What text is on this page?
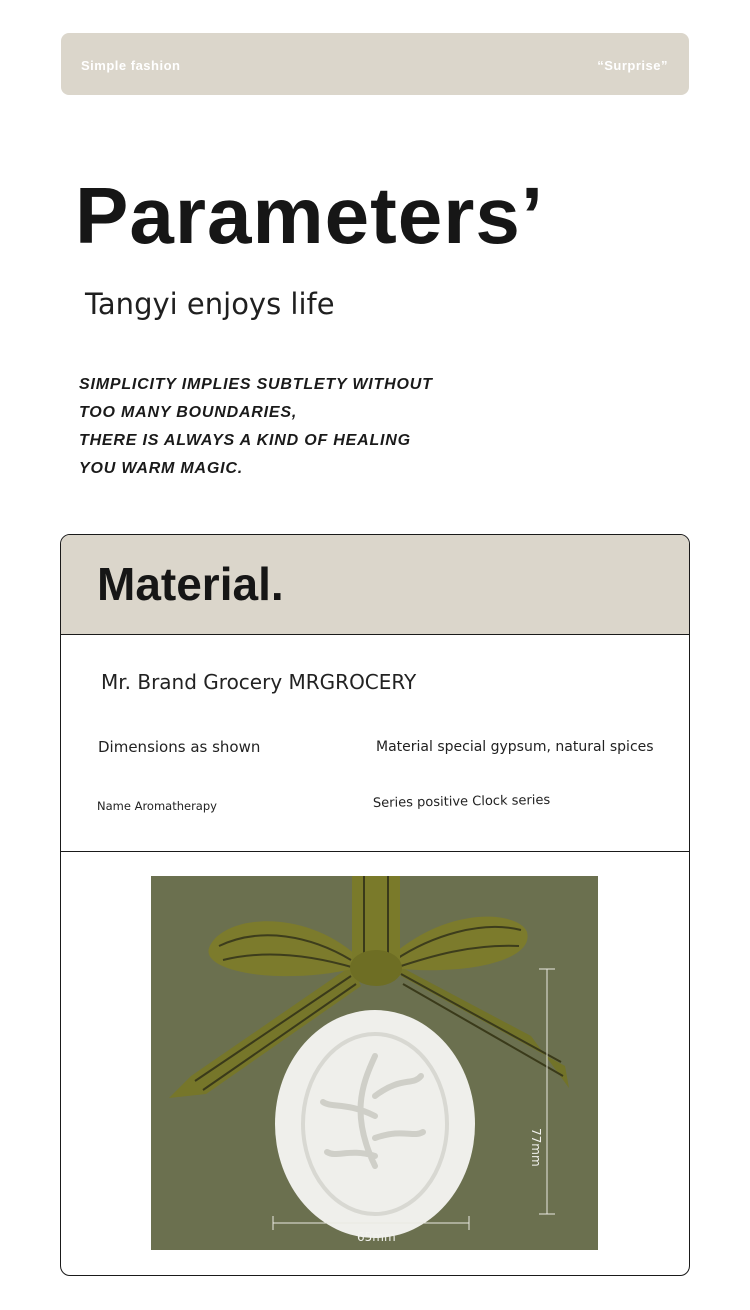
Simple fashion	“Surprise”
Parameters’
Tangyi enjoys life
SIMPLICITY IMPLIES SUBTLETY WITHOUT
TOO MANY BOUNDARIES,
THERE IS ALWAYS A KIND OF HEALING
YOU WARM MAGIC.
Material.
Mr. Brand Grocery MRGROCERY
Dimensions as shown	Material special gypsum, natural spices
Name Aromatherapy	Series positive Clock series
65mm
77mm
